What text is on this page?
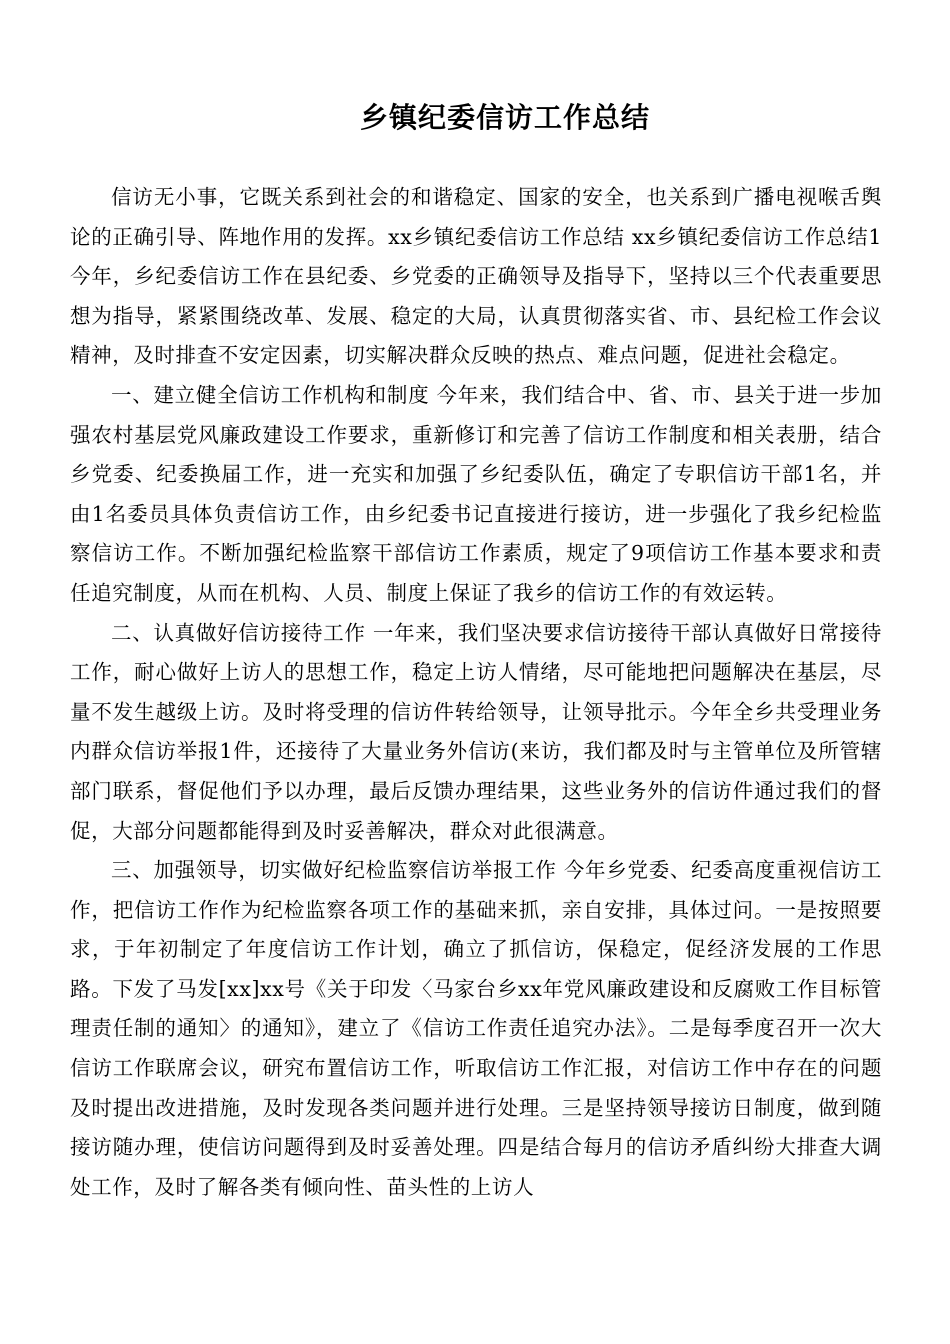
乡镇纪委信访工作总结

信访无小事，它既关系到社会的和谐稳定、国家的安全，也关系到广播电视喉舌舆论的正确引导、阵地作用的发挥。xx乡镇纪委信访工作总结 xx乡镇纪委信访工作总结1 今年，乡纪委信访工作在县纪委、乡党委的正确领导及指导下，坚持以三个代表重要思想为指导，紧紧围绕改革、发展、稳定的大局，认真贯彻落实省、市、县纪检工作会议精神，及时排查不安定因素，切实解决群众反映的热点、难点问题，促进社会稳定。

一、建立健全信访工作机构和制度 今年来，我们结合中、省、市、县关于进一步加强农村基层党风廉政建设工作要求，重新修订和完善了信访工作制度和相关表册，结合乡党委、纪委换届工作，进一充实和加强了乡纪委队伍，确定了专职信访干部1名，并由1名委员具体负责信访工作，由乡纪委书记直接进行接访，进一步强化了我乡纪检监察信访工作。不断加强纪检监察干部信访工作素质，规定了9项信访工作基本要求和责任追究制度，从而在机构、人员、制度上保证了我乡的信访工作的有效运转。

二、认真做好信访接待工作 一年来，我们坚决要求信访接待干部认真做好日常接待工作，耐心做好上访人的思想工作，稳定上访人情绪，尽可能地把问题解决在基层，尽量不发生越级上访。及时将受理的信访件转给领导，让领导批示。今年全乡共受理业务内群众信访举报1件，还接待了大量业务外信访(来访，我们都及时与主管单位及所管辖部门联系，督促他们予以办理，最后反馈办理结果，这些业务外的信访件通过我们的督促，大部分问题都能得到及时妥善解决，群众对此很满意。

三、加强领导，切实做好纪检监察信访举报工作 今年乡党委、纪委高度重视信访工作，把信访工作作为纪检监察各项工作的基础来抓，亲自安排，具体过问。一是按照要求，于年初制定了年度信访工作计划，确立了抓信访，保稳定，促经济发展的工作思路。下发了马发[xx]xx号《关于印发〈马家台乡xx年党风廉政建设和反腐败工作目标管理责任制的通知〉的通知》，建立了《信访工作责任追究办法》。二是每季度召开一次大信访工作联席会议，研究布置信访工作，听取信访工作汇报，对信访工作中存在的问题及时提出改进措施，及时发现各类问题并进行处理。三是坚持领导接访日制度，做到随接访随办理，使信访问题得到及时妥善处理。四是结合每月的信访矛盾纠纷大排查大调处工作，及时了解各类有倾向性、苗头性的上访人
